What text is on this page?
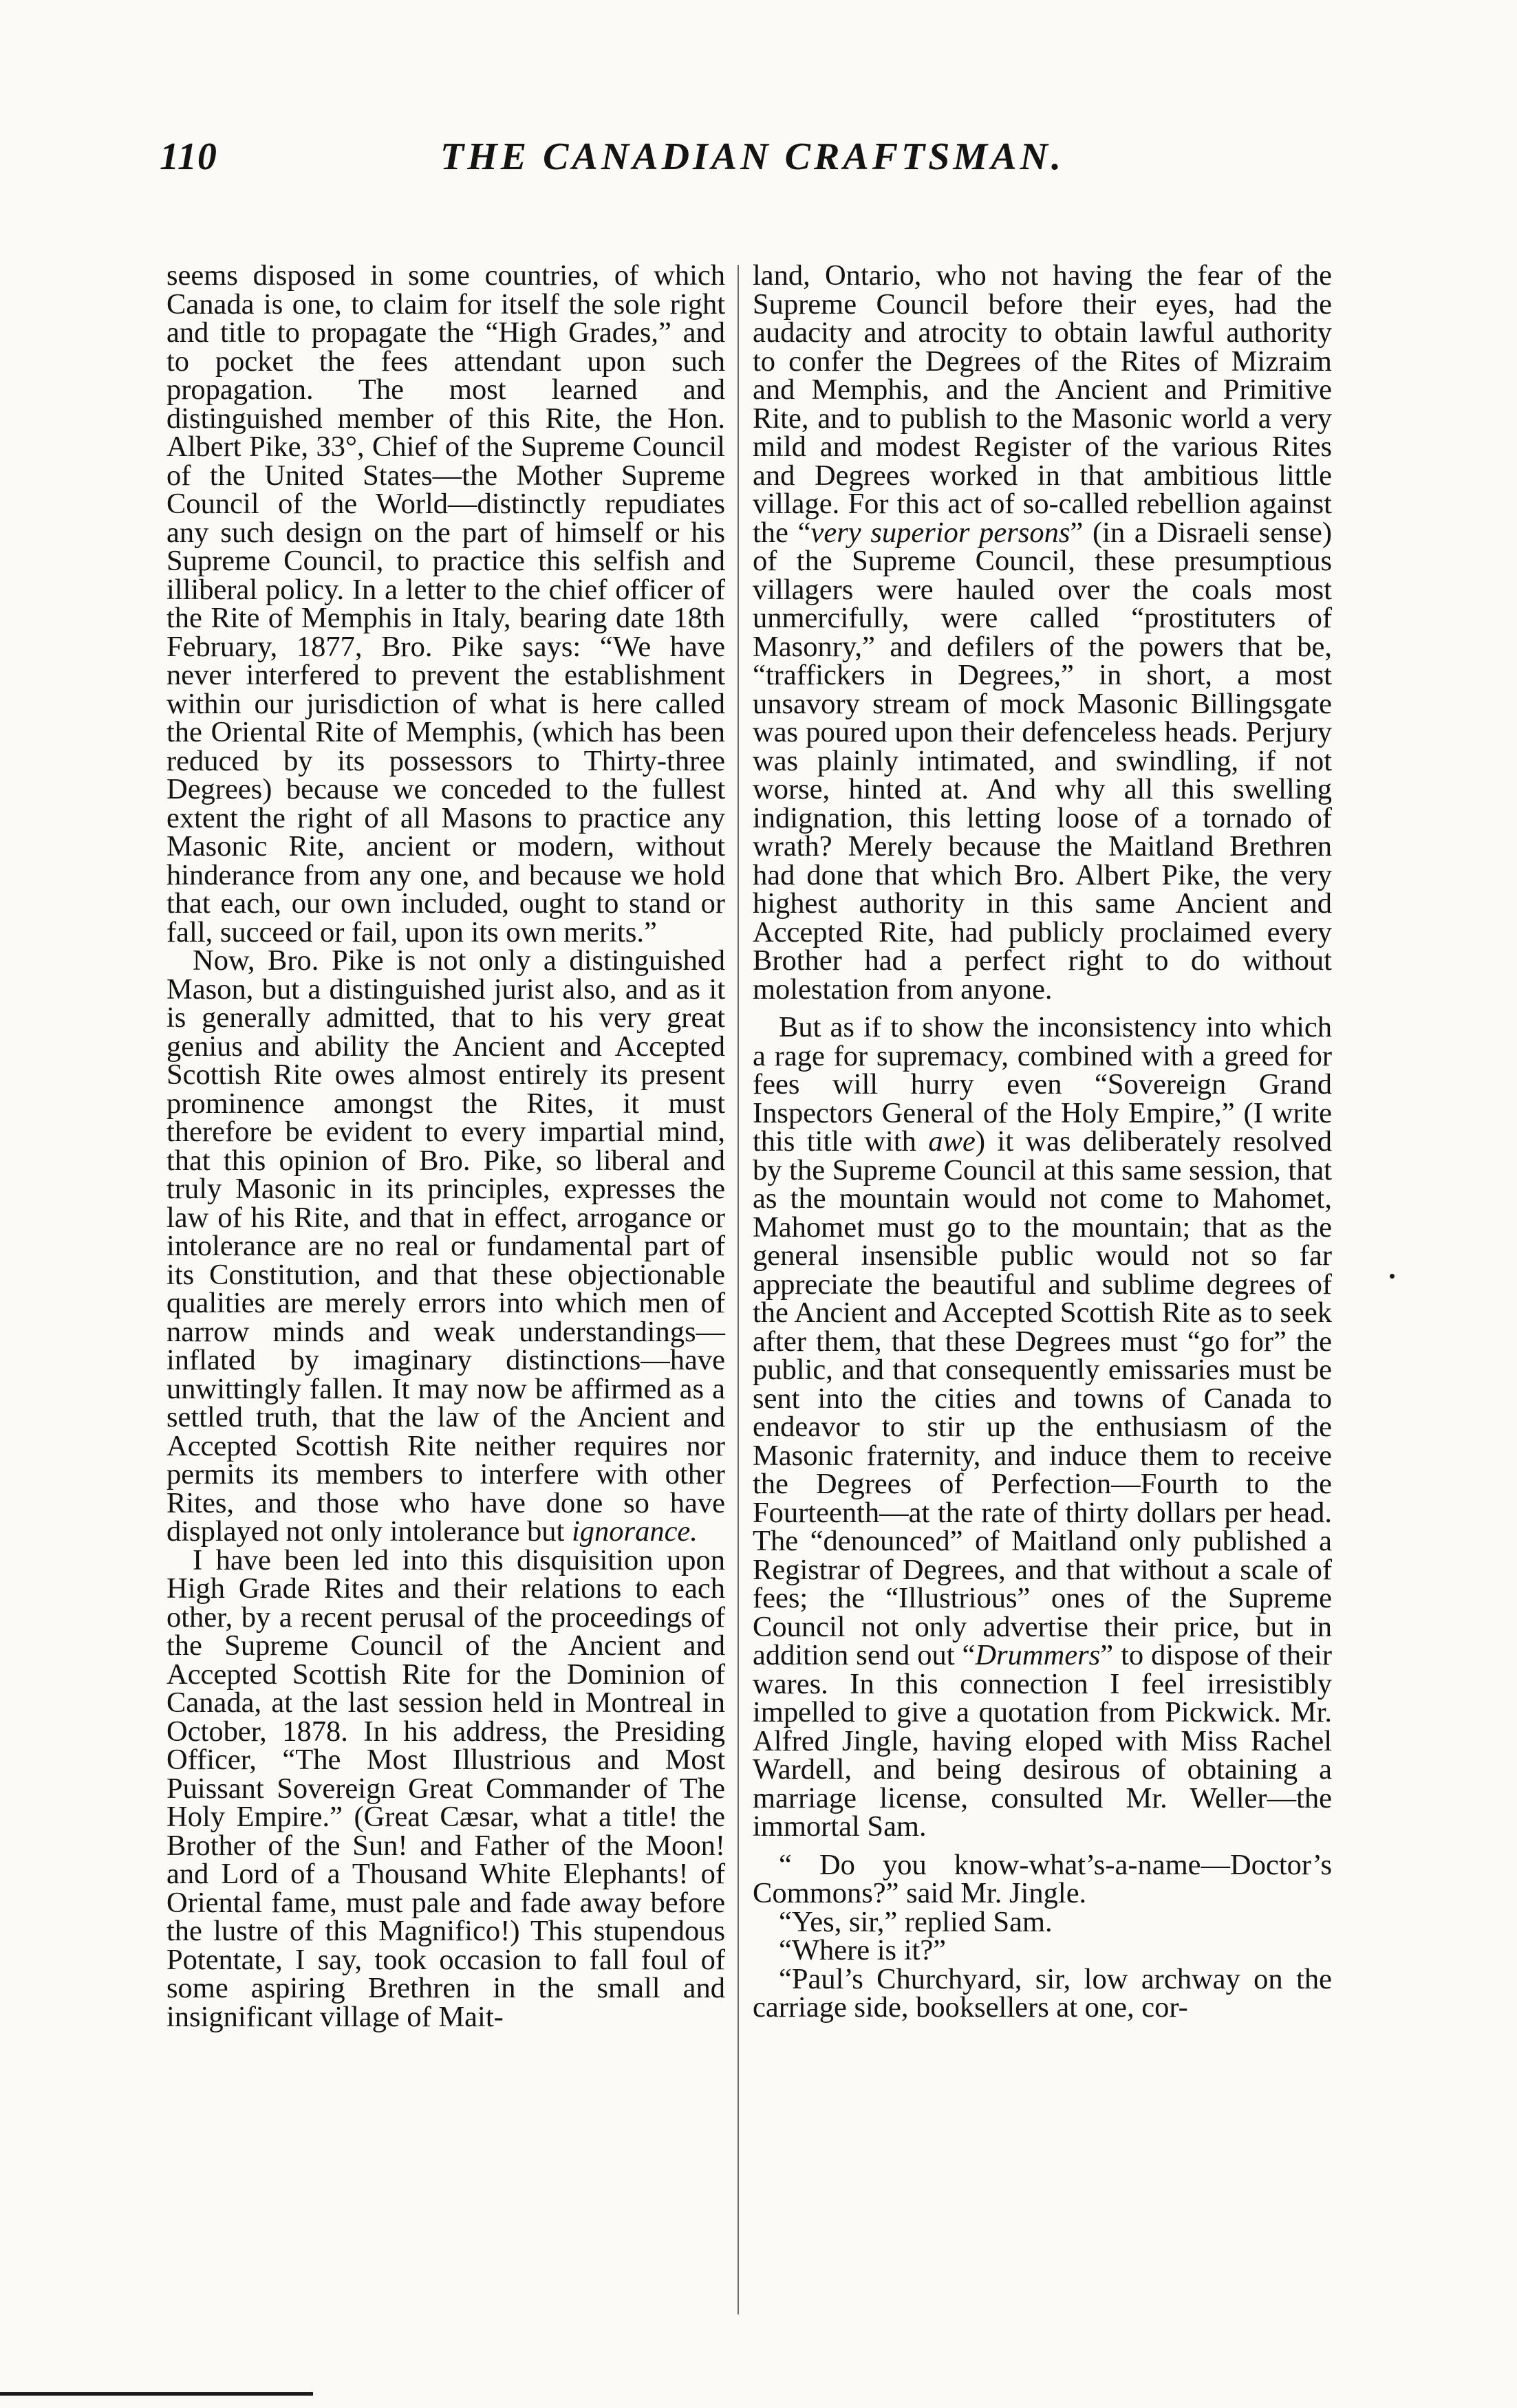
110	THE CANADIAN CRAFTSMAN.

seems disposed in some countries, of which Canada is one, to claim for itself the sole right and title to propagate the “High Grades,” and to pocket the fees attendant upon such propagation. The most learned and distinguished member of this Rite, the Hon. Albert Pike, 33°, Chief of the Supreme Council of the United States—the Mother Supreme Council of the World—distinctly repudiates any such design on the part of himself or his Supreme Council, to practice this selfish and illiberal policy. In a letter to the chief officer of the Rite of Memphis in Italy, bearing date 18th February, 1877, Bro. Pike says: “We have never interfered to prevent the establishment within our jurisdiction of what is here called the Oriental Rite of Memphis, (which has been reduced by its possessors to Thirty-three Degrees) because we conceded to the fullest extent the right of all Masons to practice any Masonic Rite, ancient or modern, without hinderance from any one, and because we hold that each, our own included, ought to stand or fall, succeed or fail, upon its own merits.”

Now, Bro. Pike is not only a distinguished Mason, but a distinguished jurist also, and as it is generally admitted, that to his very great genius and ability the Ancient and Accepted Scottish Rite owes almost entirely its present prominence amongst the Rites, it must therefore be evident to every impartial mind, that this opinion of Bro. Pike, so liberal and truly Masonic in its principles, expresses the law of his Rite, and that in effect, arrogance or intolerance are no real or fundamental part of its Constitution, and that these objectionable qualities are merely errors into which men of narrow minds and weak understandings—inflated by imaginary distinctions—have unwittingly fallen. It may now be affirmed as a settled truth, that the law of the Ancient and Accepted Scottish Rite neither requires nor permits its members to interfere with other Rites, and those who have done so have displayed not only intolerance but ignorance.

I have been led into this disquisition upon High Grade Rites and their relations to each other, by a recent perusal of the proceedings of the Supreme Council of the Ancient and Accepted Scottish Rite for the Dominion of Canada, at the last session held in Montreal in October, 1878. In his address, the Presiding Officer, “The Most Illustrious and Most Puissant Sovereign Great Commander of The Holy Empire.” (Great Cæsar, what a title! the Brother of the Sun! and Father of the Moon! and Lord of a Thousand White Elephants! of Oriental fame, must pale and fade away before the lustre of this Magnifico!) This stupendous Potentate, I say, took occasion to fall foul of some aspiring Brethren in the small and insignificant village of Mait-

land, Ontario, who not having the fear of the Supreme Council before their eyes, had the audacity and atrocity to obtain lawful authority to confer the Degrees of the Rites of Mizraim and Memphis, and the Ancient and Primitive Rite, and to publish to the Masonic world a very mild and modest Register of the various Rites and Degrees worked in that ambitious little village. For this act of so-called rebellion against the “very superior persons” (in a Disraeli sense) of the Supreme Council, these presumptious villagers were hauled over the coals most unmercifully, were called “prostituters of Masonry,” and defilers of the powers that be, “traffickers in Degrees,” in short, a most unsavory stream of mock Masonic Billingsgate was poured upon their defenceless heads. Perjury was plainly intimated, and swindling, if not worse, hinted at. And why all this swelling indignation, this letting loose of a tornado of wrath? Merely because the Maitland Brethren had done that which Bro. Albert Pike, the very highest authority in this same Ancient and Accepted Rite, had publicly proclaimed every Brother had a perfect right to do without molestation from anyone.

But as if to show the inconsistency into which a rage for supremacy, combined with a greed for fees will hurry even “Sovereign Grand Inspectors General of the Holy Empire,” (I write this title with awe) it was deliberately resolved by the Supreme Council at this same session, that as the mountain would not come to Mahomet, Mahomet must go to the mountain; that as the general insensible public would not so far appreciate the beautiful and sublime degrees of the Ancient and Accepted Scottish Rite as to seek after them, that these Degrees must “go for” the public, and that consequently emissaries must be sent into the cities and towns of Canada to endeavor to stir up the enthusiasm of the Masonic fraternity, and induce them to receive the Degrees of Perfection—Fourth to the Fourteenth—at the rate of thirty dollars per head. The “denounced” of Maitland only published a Registrar of Degrees, and that without a scale of fees; the “Illustrious” ones of the Supreme Council not only advertise their price, but in addition send out “Drummers” to dispose of their wares. In this connection I feel irresistibly impelled to give a quotation from Pickwick. Mr. Alfred Jingle, having eloped with Miss Rachel Wardell, and being desirous of obtaining a marriage license, consulted Mr. Weller—the immortal Sam.

“ Do you know-what’s-a-name—Doctor’s Commons?” said Mr. Jingle.

“Yes, sir,” replied Sam.

“Where is it?”

“Paul’s Churchyard, sir, low archway on the carriage side, booksellers at one, cor-
